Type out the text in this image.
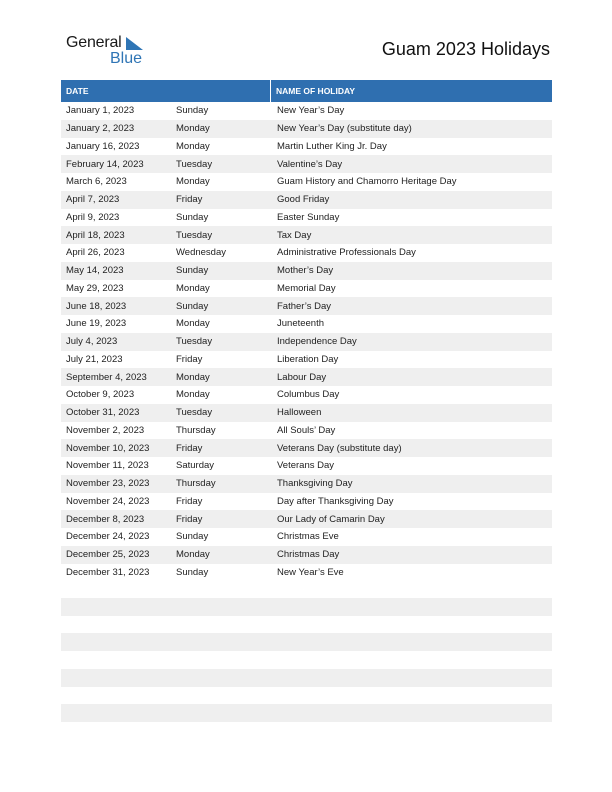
General
Blue	Guam 2023 Holidays
DATE	NAME OF HOLIDAY
January 1, 2023	Sunday	New Year’s Day
January 2, 2023	Monday	New Year’s Day (substitute day)
January 16, 2023	Monday	Martin Luther King Jr. Day
February 14, 2023	Tuesday	Valentine’s Day
March 6, 2023	Monday	Guam History and Chamorro Heritage Day
April 7, 2023	Friday	Good Friday
April 9, 2023	Sunday	Easter Sunday
April 18, 2023	Tuesday	Tax Day
April 26, 2023	Wednesday	Administrative Professionals Day
May 14, 2023	Sunday	Mother’s Day
May 29, 2023	Monday	Memorial Day
June 18, 2023	Sunday	Father’s Day
June 19, 2023	Monday	Juneteenth
July 4, 2023	Tuesday	Independence Day
July 21, 2023	Friday	Liberation Day
September 4, 2023	Monday	Labour Day
October 9, 2023	Monday	Columbus Day
October 31, 2023	Tuesday	Halloween
November 2, 2023	Thursday	All Souls’ Day
November 10, 2023	Friday	Veterans Day (substitute day)
November 11, 2023	Saturday	Veterans Day
November 23, 2023	Thursday	Thanksgiving Day
November 24, 2023	Friday	Day after Thanksgiving Day
December 8, 2023	Friday	Our Lady of Camarin Day
December 24, 2023	Sunday	Christmas Eve
December 25, 2023	Monday	Christmas Day
December 31, 2023	Sunday	New Year’s Eve
